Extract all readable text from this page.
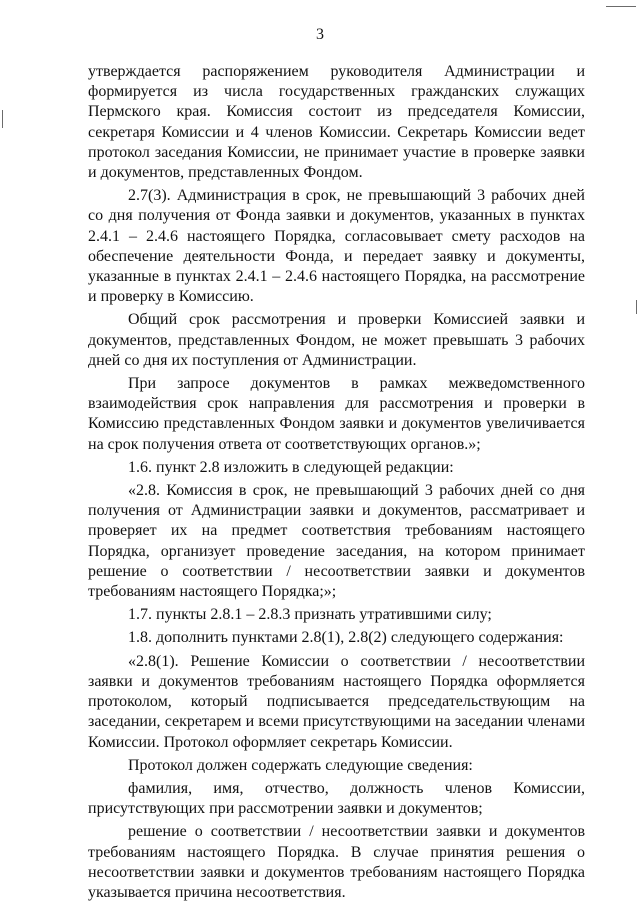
3

утверждается распоряжением руководителя Администрации и формируется из числа государственных гражданских служащих Пермского края. Комиссия состоит из председателя Комиссии, секретаря Комиссии и 4 членов Комиссии. Секретарь Комиссии ведет протокол заседания Комиссии, не принимает участие в проверке заявки и документов, представленных Фондом.

2.7(3). Администрация в срок, не превышающий 3 рабочих дней со дня получения от Фонда заявки и документов, указанных в пунктах 2.4.1 – 2.4.6 настоящего Порядка, согласовывает смету расходов на обеспечение деятельности Фонда, и передает заявку и документы, указанные в пунктах 2.4.1 – 2.4.6 настоящего Порядка, на рассмотрение и проверку в Комиссию.

Общий срок рассмотрения и проверки Комиссией заявки и документов, представленных Фондом, не может превышать 3 рабочих дней со дня их поступления от Администрации.

При запросе документов в рамках межведомственного взаимодействия срок направления для рассмотрения и проверки в Комиссию представленных Фондом заявки и документов увеличивается на срок получения ответа от соответствующих органов.»;

1.6. пункт 2.8 изложить в следующей редакции:

«2.8. Комиссия в срок, не превышающий 3 рабочих дней со дня получения от Администрации заявки и документов, рассматривает и проверяет их на предмет соответствия требованиям настоящего Порядка, организует проведение заседания, на котором принимает решение о соответствии / несоответствии заявки и документов требованиям настоящего Порядка;»;

1.7. пункты 2.8.1 – 2.8.3 признать утратившими силу;

1.8. дополнить пунктами 2.8(1), 2.8(2) следующего содержания:

«2.8(1). Решение Комиссии о соответствии / несоответствии заявки и документов требованиям настоящего Порядка оформляется протоколом, который подписывается председательствующим на заседании, секретарем и всеми присутствующими на заседании членами Комиссии. Протокол оформляет секретарь Комиссии.

Протокол должен содержать следующие сведения:

фамилия, имя, отчество, должность членов Комиссии, присутствующих при рассмотрении заявки и документов;

решение о соответствии / несоответствии заявки и документов требованиям настоящего Порядка. В случае принятия решения о несоответствии заявки и документов требованиям настоящего Порядка указывается причина несоответствия.
